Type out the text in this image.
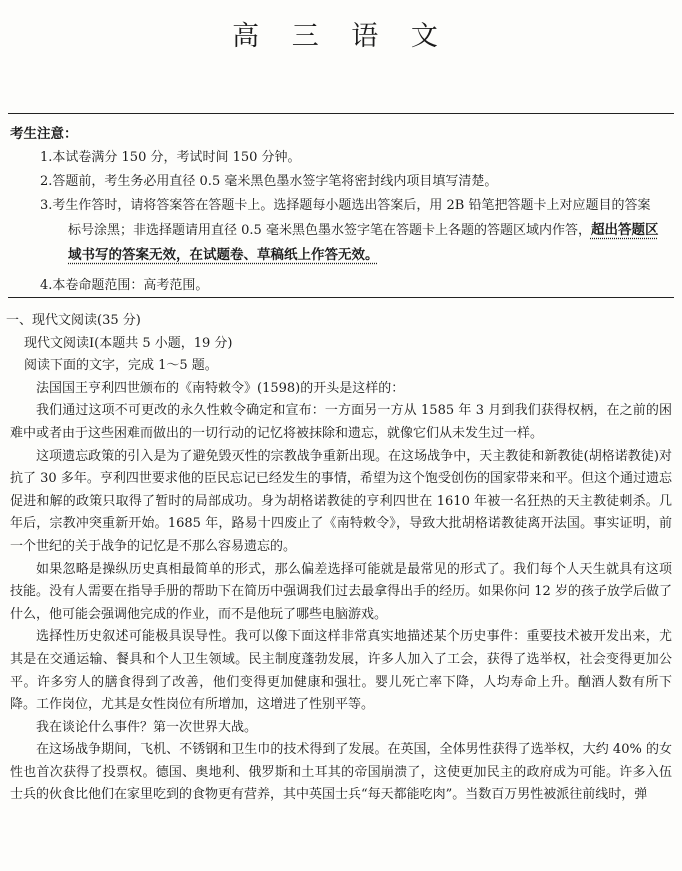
高 三 语 文
考生注意：
1.本试卷满分 150 分，考试时间 150 分钟。
2.答题前，考生务必用直径 0.5 毫米黑色墨水签字笔将密封线内项目填写清楚。
3.考生作答时，请将答案答在答题卡上。选择题每小题选出答案后，用 2B 铅笔把答题卡上对应题目的答案
标号涂黑；非选择题请用直径 0.5 毫米黑色墨水签字笔在答题卡上各题的答题区域内作答，超出答题区
域书写的答案无效，在试题卷、草稿纸上作答无效。
4.本卷命题范围：高考范围。

一、现代文阅读(35 分)

现代文阅读Ⅰ(本题共 5 小题，19 分)

阅读下面的文字，完成 1～5 题。

法国国王亨利四世颁布的《南特敕令》(1598)的开头是这样的：

我们通过这项不可更改的永久性敕令确定和宣布：一方面另一方从 1585 年 3 月到我们获得权柄，在之前的困难中或者由于这些困难而做出的一切行动的记忆将被抹除和遗忘，就像它们从未发生过一样。

这项遗忘政策的引入是为了避免毁灭性的宗教战争重新出现。在这场战争中，天主教徒和新教徒(胡格诺教徒)对抗了 30 多年。亨利四世要求他的臣民忘记已经发生的事情，希望为这个饱受创伤的国家带来和平。但这个通过遗忘促进和解的政策只取得了暂时的局部成功。身为胡格诺教徒的亨利四世在 1610 年被一名狂热的天主教徒刺杀。几年后，宗教冲突重新开始。1685 年，路易十四废止了《南特敕令》，导致大批胡格诺教徒离开法国。事实证明，前一个世纪的关于战争的记忆是不那么容易遗忘的。

如果忽略是操纵历史真相最简单的形式，那么偏差选择可能就是最常见的形式了。我们每个人天生就具有这项技能。没有人需要在指导手册的帮助下在简历中强调我们过去最拿得出手的经历。如果你问 12 岁的孩子放学后做了什么，他可能会强调他完成的作业，而不是他玩了哪些电脑游戏。

选择性历史叙述可能极具误导性。我可以像下面这样非常真实地描述某个历史事件：重要技术被开发出来，尤其是在交通运输、餐具和个人卫生领域。民主制度蓬勃发展，许多人加入了工会，获得了选举权，社会变得更加公平。许多穷人的膳食得到了改善，他们变得更加健康和强壮。婴儿死亡率下降，人均寿命上升。酗酒人数有所下降。工作岗位，尤其是女性岗位有所增加，这增进了性别平等。

我在谈论什么事件？第一次世界大战。

在这场战争期间，飞机、不锈钢和卫生巾的技术得到了发展。在英国，全体男性获得了选举权，大约 40% 的女性也首次获得了投票权。德国、奥地利、俄罗斯和土耳其的帝国崩溃了，这使更加民主的政府成为可能。许多入伍士兵的伙食比他们在家里吃到的食物更有营养，其中英国士兵“每天都能吃肉”。当数百万男性被派往前线时，弹
